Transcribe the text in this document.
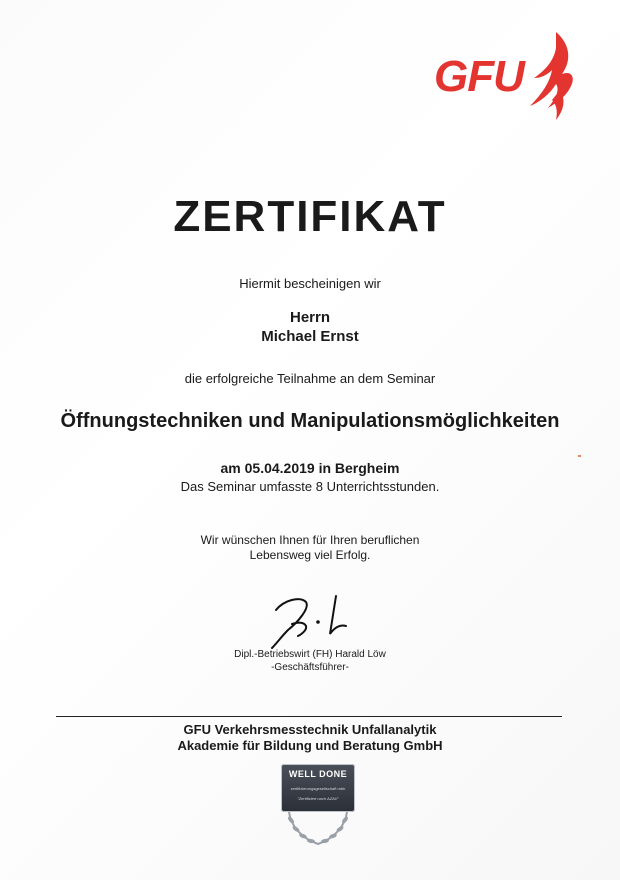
GFU
ZERTIFIKAT
Hiermit bescheinigen wir
Herrn
Michael Ernst
die erfolgreiche Teilnahme an dem Seminar
Öffnungstechniken und Manipulationsmöglichkeiten
am 05.04.2019 in Bergheim
Das Seminar umfasste 8 Unterrichtsstunden.
Wir wünschen Ihnen für Ihren beruflichen
Lebensweg viel Erfolg.
Dipl.-Betriebswirt (FH) Harald Löw
-Geschäftsführer-
GFU Verkehrsmesstechnik Unfallanalytik
Akademie für Bildung und Beratung GmbH
WELL DONE
zertifizierungsgesellschaft mbh
"Zertifiziert nach AZAV"
